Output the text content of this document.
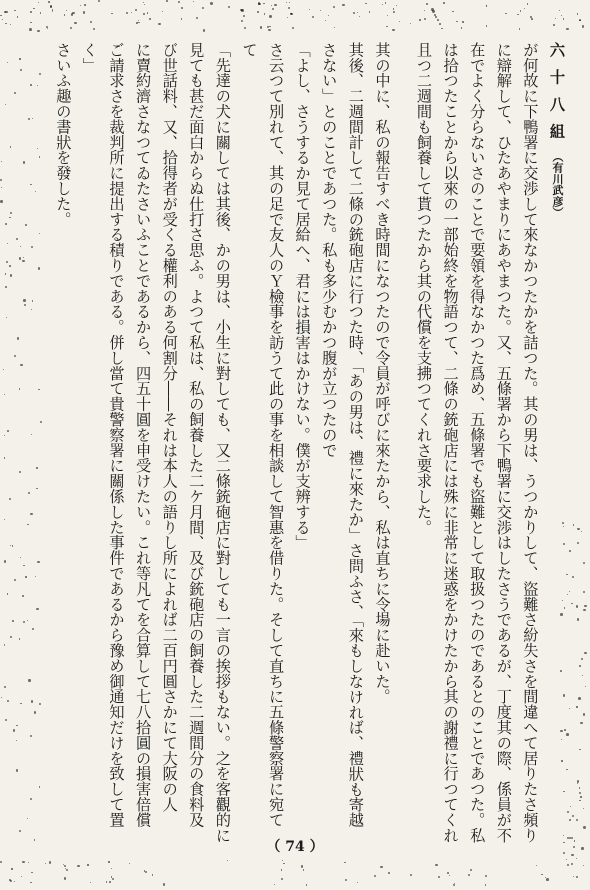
六十八組（有川武彦）
が何故に下鴨署に交渉して來なかつたかを詰つた。其の男は、うつかりして、盜難さ紛失さを間違へて居りたさ頻り
に辯解して、ひたあやまりにあやまつた。又、五條署から下鴨署に交渉はしたさうであるが、丁度其の際、係員が不
在でよく分らないさのことで要領を得なかつた爲め、五條署でも盜難として取扱つたのであるとのことであつた。私
は拾つたことから以來の一部始終を物語つて、二條の銃砲店には殊に非常に迷惑をかけたから其の謝禮に行つてくれ
且つ二週間も飼養して貰つたから其の代償を支拂つてくれさ要求した。
其の中に、私の報告すべき時間になつたので令員が呼びに來たから、私は直ちに令場に赴いた。
其後、二週間計して二條の銃砲店に行つた時、「あの男は、禮に來たか」さ問ふさ、「來もしなければ、禮狀も寄越
さない」とのことであつた。私も多少むかつ腹が立つたので
「よし、さうするか見て居給へ、君には損害はかけない。僕が支辨する」
さ云つて別れて、其の足で友人のＹ檢事を訪うて此の事を相談して智惠を借りた。そして直ちに五條警察署に宛て
て
「先達の犬に關しては其後、かの男は、小生に對しても、又二條銃砲店に對しても一言の挨拶もない。之を客觀的に
見ても甚だ面白からぬ仕打さ思ふ。よつて私は、私の飼養した二ケ月間、及び銃砲店の飼養した二週間分の食料及
び世話料、又、拾得者が受くる權利のある何割分――それは本人の語りし所によれば二百円圓さかにて大阪の人
に賣約濟さなつてゐたさいふことであるから、四五十圓を申受けたい。これ等凡てを合算して七八拾圓の損害倍償
ご請求さを裁判所に提出する積りである。併し當て貴警察署に關係した事件であるから豫め御通知だけを致して置
く」
さいふ趣の書狀を發した。
（ 74 ）
